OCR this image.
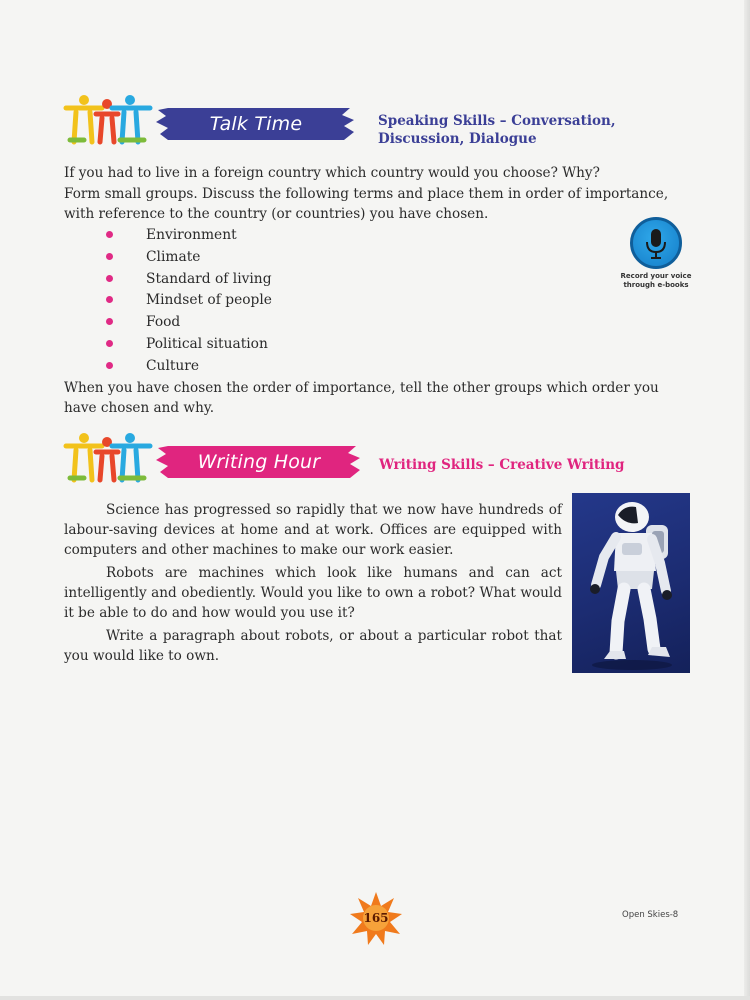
Talk Time	Speaking Skills – Conversation, Discussion, Dialogue

If you had to live in a foreign country which country would you choose? Why?

Form small groups. Discuss the following terms and place them in order of importance, with reference to the country (or countries) you have chosen.

Environment
Climate
Standard of living
Mindset of people
Food
Political situation
Culture
Record your voice
through e-books

When you have chosen the order of importance, tell the other groups which order you have chosen and why.

Writing Hour	Writing Skills – Creative Writing

Science has progressed so rapidly that we now have hundreds of labour-saving devices at home and at work. Offices are equipped with computers and other machines to make our work easier.

Robots are machines which look like humans and can act intelligently and obediently. Would you like to own a robot? What would it be able to do and how would you use it?

Write a paragraph about robots, or about a particular robot that you would like to own.

165	Open Skies-8
